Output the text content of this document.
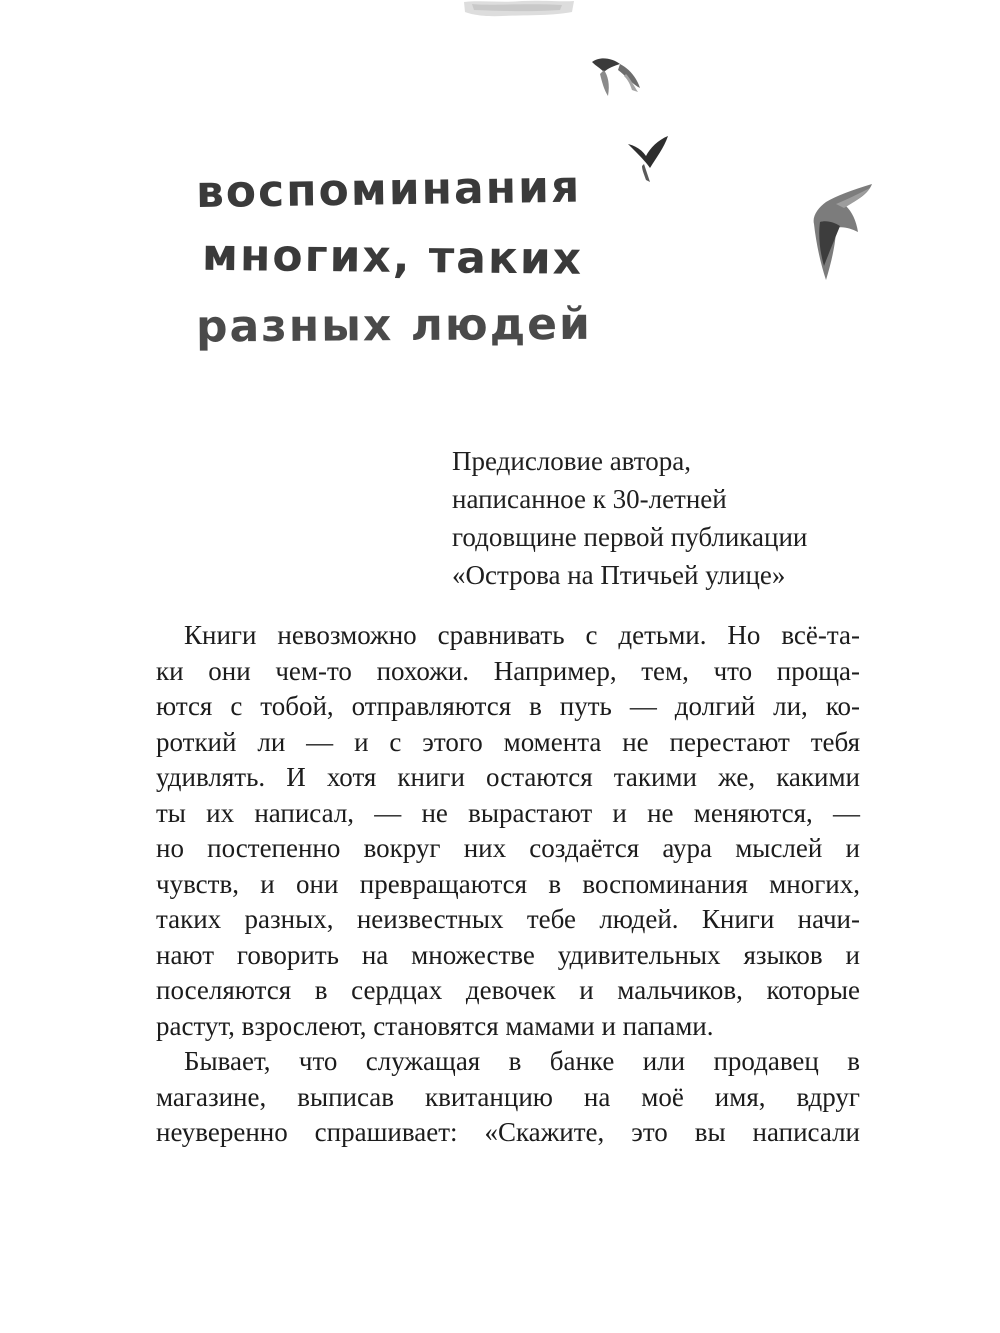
воспоминания
многих, таких
разных людей
Предисловие автора,
написанное к 30-летней
годовщине первой публикации
«Острова на Птичьей улице»
Книги невозможно сравнивать с детьми. Но всё-та-
ки они чем-то похожи. Например, тем, что проща-
ются с тобой, отправляются в путь — долгий ли, ко-
роткий ли — и с этого момента не перестают тебя
удивлять. И хотя книги остаются такими же, какими
ты их написал, — не вырастают и не меняются, —
но постепенно вокруг них создаётся аура мыслей и
чувств, и они превращаются в воспоминания многих,
таких разных, неизвестных тебе людей. Книги начи-
нают говорить на множестве удивительных языков и
поселяются в сердцах девочек и мальчиков, которые
растут, взрослеют, становятся мамами и папами.
Бывает, что служащая в банке или продавец в
магазине, выписав квитанцию на моё имя, вдруг
неуверенно спрашивает: «Скажите, это вы написали
